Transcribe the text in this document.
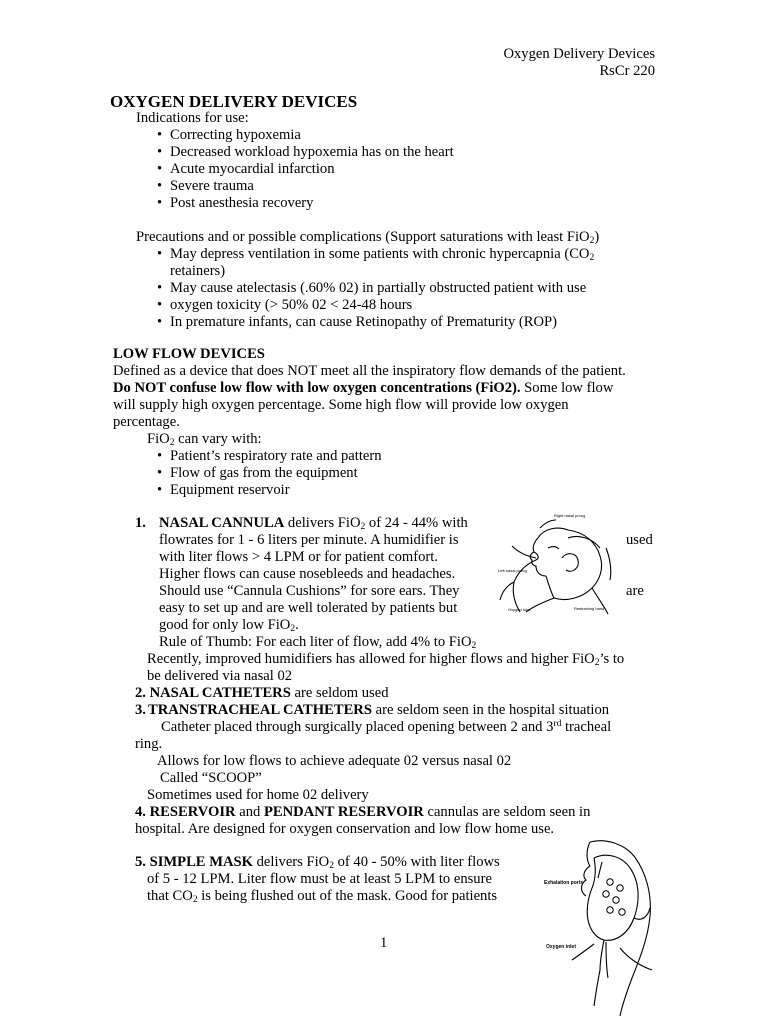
Oxygen Delivery Devices
RsCr 220
OXYGEN DELIVERY DEVICES
Indications for use:
• Correcting hypoxemia
• Decreased workload hypoxemia has on the heart
• Acute myocardial infarction
• Severe trauma
• Post anesthesia recovery
Precautions and or possible complications (Support saturations with least FiO$_2$)
• May depress ventilation in some patients with chronic hypercapnia ($CO_2$
retainers)
• May cause atelectasis (.60% 02) in partially obstructed patient with use
• oxygen toxicity (> 50% 02 < 24-48 hours
• In premature infants, can cause Retinopathy of Prematurity (ROP)
LOW FLOW DEVICES
Defined as a device that does NOT meet all the inspiratory flow demands of the patient.
Do NOT confuse low flow with low oxygen concentrations (FiO2). Some low flow
will supply high oxygen percentage. Some high flow will provide low oxygen
percentage.
FiO$_2$ can vary with:
• Patient’s respiratory rate and pattern
• Flow of gas from the equipment
• Equipment reservoir
1. NASAL CANNULA delivers FiO$_2$ of 24 - 44% with
flowrates for 1 - 6 liters per minute. A humidifier is	used
with liter flows > 4 LPM or for patient comfort.
Higher flows can cause nosebleeds and headaches.
Should use “Cannula Cushions” for sore ears. They	are
easy to set up and are well tolerated by patients but
good for only low FiO$_2$.
Rule of Thumb: For each liter of flow, add 4% to FiO$_2$
Recently, improved humidifiers has allowed for higher flows and higher FiO$_2$’s to
be delivered via nasal 02
Right nasal prong
Left nasal prong
Oxygen tube	Restraining band
2. NASAL CATHETERS are seldom used
3. TRANSTRACHEAL CATHETERS are seldom seen in the hospital situation
Catheter placed through surgically placed opening between 2 and 3rd tracheal
ring.
Allows for low flows to achieve adequate 02 versus nasal 02
Called “SCOOP”
Sometimes used for home 02 delivery
4. RESERVOIR and PENDANT RESERVOIR cannulas are seldom seen in
hospital. Are designed for oxygen conservation and low flow home use.
5. SIMPLE MASK delivers FiO$_2$ of 40 - 50% with liter flows
of 5 - 12 LPM. Liter flow must be at least 5 LPM to ensure
that $CO_2$ is being flushed out of the mask. Good for patients
Exhalation ports
Oxygen inlet
1
